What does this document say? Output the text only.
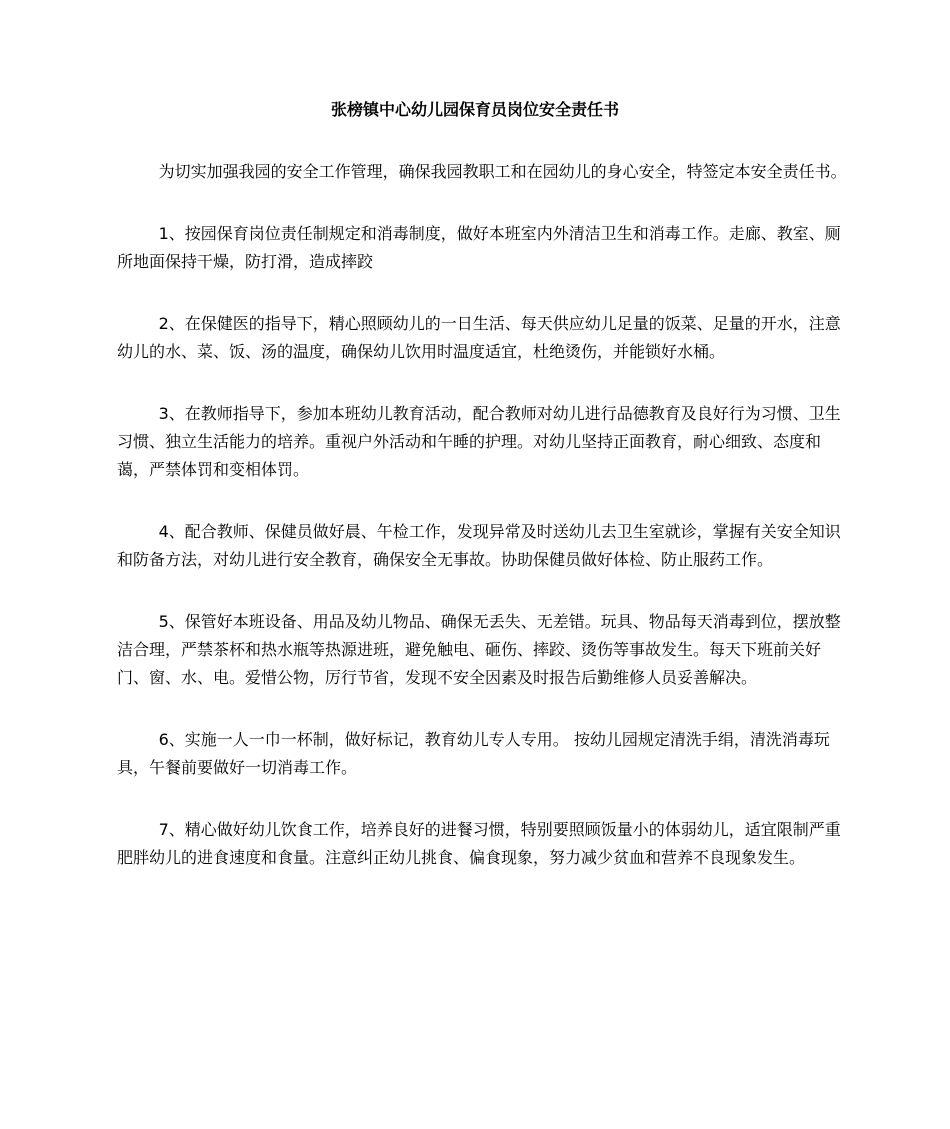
张榜镇中心幼儿园保育员岗位安全责任书

为切实加强我园的安全工作管理，确保我园教职工和在园幼儿的身心安全，特签定本安全责任书。

1、按园保育岗位责任制规定和消毒制度，做好本班室内外清洁卫生和消毒工作。走廊、教室、厕所地面保持干燥，防打滑，造成摔跤

2、在保健医的指导下，精心照顾幼儿的一日生活、每天供应幼儿足量的饭菜、足量的开水，注意幼儿的水、菜、饭、汤的温度，确保幼儿饮用时温度适宜，杜绝烫伤，并能锁好水桶。

3、在教师指导下，参加本班幼儿教育活动，配合教师对幼儿进行品德教育及良好行为习惯、卫生习惯、独立生活能力的培养。重视户外活动和午睡的护理。对幼儿坚持正面教育，耐心细致、态度和蔼，严禁体罚和变相体罚。

4、配合教师、保健员做好晨、午检工作，发现异常及时送幼儿去卫生室就诊，掌握有关安全知识和防备方法，对幼儿进行安全教育，确保安全无事故。协助保健员做好体检、防止服药工作。

5、保管好本班设备、用品及幼儿物品、确保无丢失、无差错。玩具、物品每天消毒到位，摆放整洁合理，严禁茶杯和热水瓶等热源进班，避免触电、砸伤、摔跤、烫伤等事故发生。每天下班前关好门、窗、水、电。爱惜公物，厉行节省，发现不安全因素及时报告后勤维修人员妥善解决。

6、实施一人一巾一杯制，做好标记，教育幼儿专人专用。 按幼儿园规定清洗手绢，清洗消毒玩具，午餐前要做好一切消毒工作。

7、精心做好幼儿饮食工作，培养良好的进餐习惯，特别要照顾饭量小的体弱幼儿，适宜限制严重肥胖幼儿的进食速度和食量。注意纠正幼儿挑食、偏食现象，努力减少贫血和营养不良现象发生。
